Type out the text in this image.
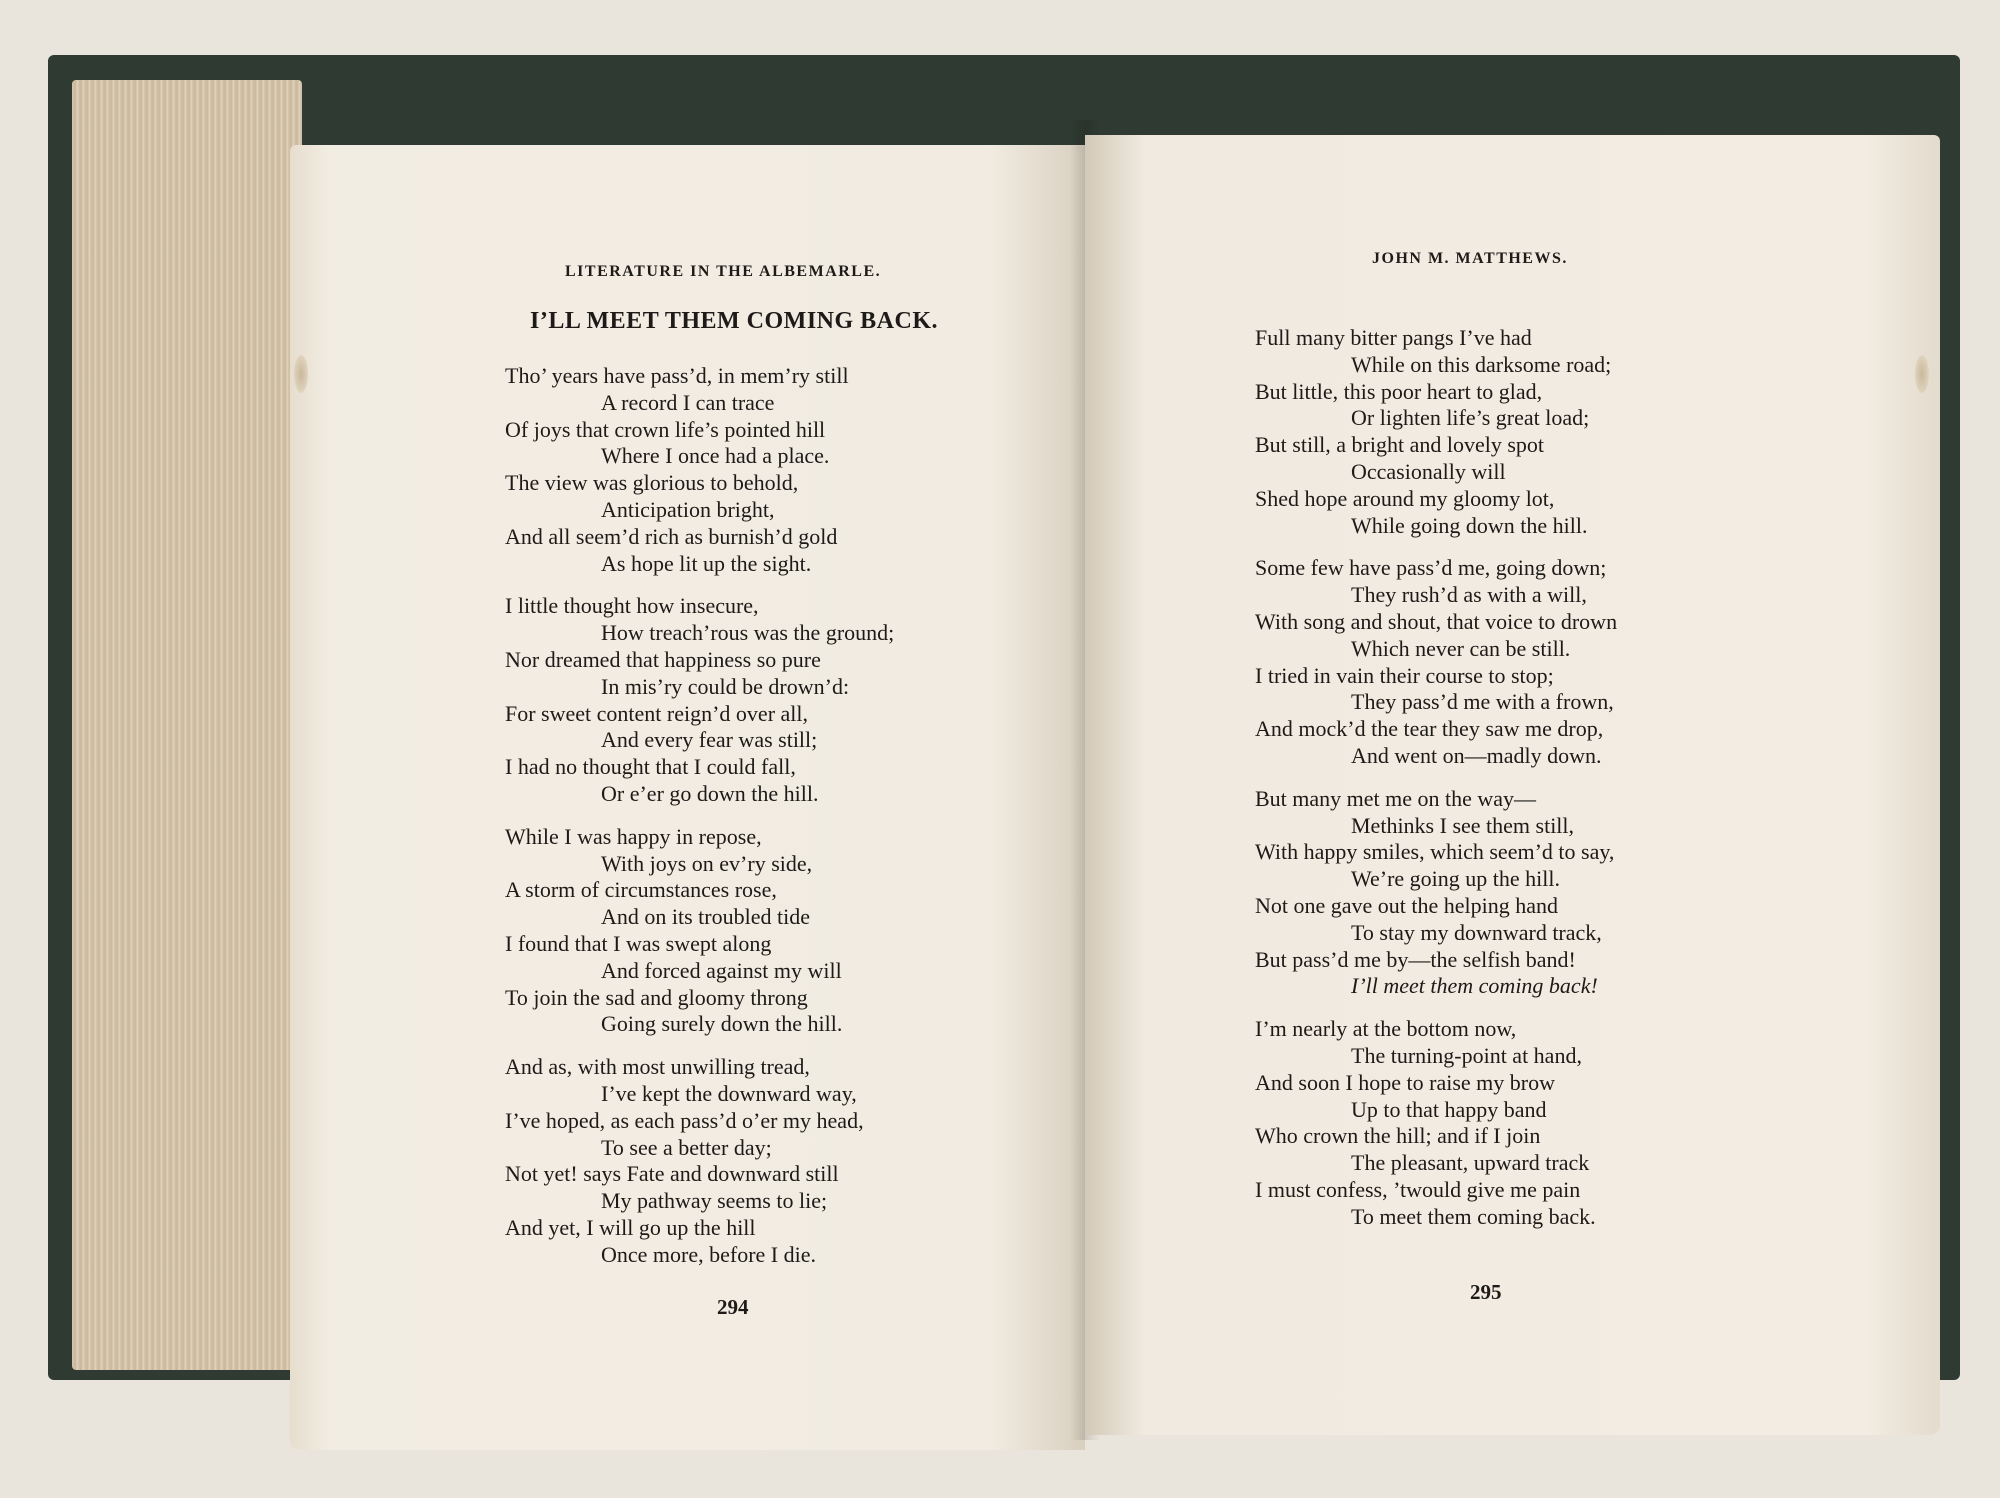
LITERATURE IN THE ALBEMARLE.
I’LL MEET THEM COMING BACK.
Tho’ years have pass’d, in mem’ry still
A record I can trace
Of joys that crown life’s pointed hill
Where I once had a place.
The view was glorious to behold,
Anticipation bright,
And all seem’d rich as burnish’d gold
As hope lit up the sight.
I little thought how insecure,
How treach’rous was the ground;
Nor dreamed that happiness so pure
In mis’ry could be drown’d:
For sweet content reign’d over all,
And every fear was still;
I had no thought that I could fall,
Or e’er go down the hill.
While I was happy in repose,
With joys on ev’ry side,
A storm of circumstances rose,
And on its troubled tide
I found that I was swept along
And forced against my will
To join the sad and gloomy throng
Going surely down the hill.
And as, with most unwilling tread,
I’ve kept the downward way,
I’ve hoped, as each pass’d o’er my head,
To see a better day;
Not yet! says Fate and downward still
My pathway seems to lie;
And yet, I will go up the hill
Once more, before I die.
294
JOHN M. MATTHEWS.
Full many bitter pangs I’ve had
While on this darksome road;
But little, this poor heart to glad,
Or lighten life’s great load;
But still, a bright and lovely spot
Occasionally will
Shed hope around my gloomy lot,
While going down the hill.
Some few have pass’d me, going down;
They rush’d as with a will,
With song and shout, that voice to drown
Which never can be still.
I tried in vain their course to stop;
They pass’d me with a frown,
And mock’d the tear they saw me drop,
And went on—madly down.
But many met me on the way—
Methinks I see them still,
With happy smiles, which seem’d to say,
We’re going up the hill.
Not one gave out the helping hand
To stay my downward track,
But pass’d me by—the selfish band!
I’ll meet them coming back!
I’m nearly at the bottom now,
The turning-point at hand,
And soon I hope to raise my brow
Up to that happy band
Who crown the hill; and if I join
The pleasant, upward track
I must confess, ’twould give me pain
To meet them coming back.
295
